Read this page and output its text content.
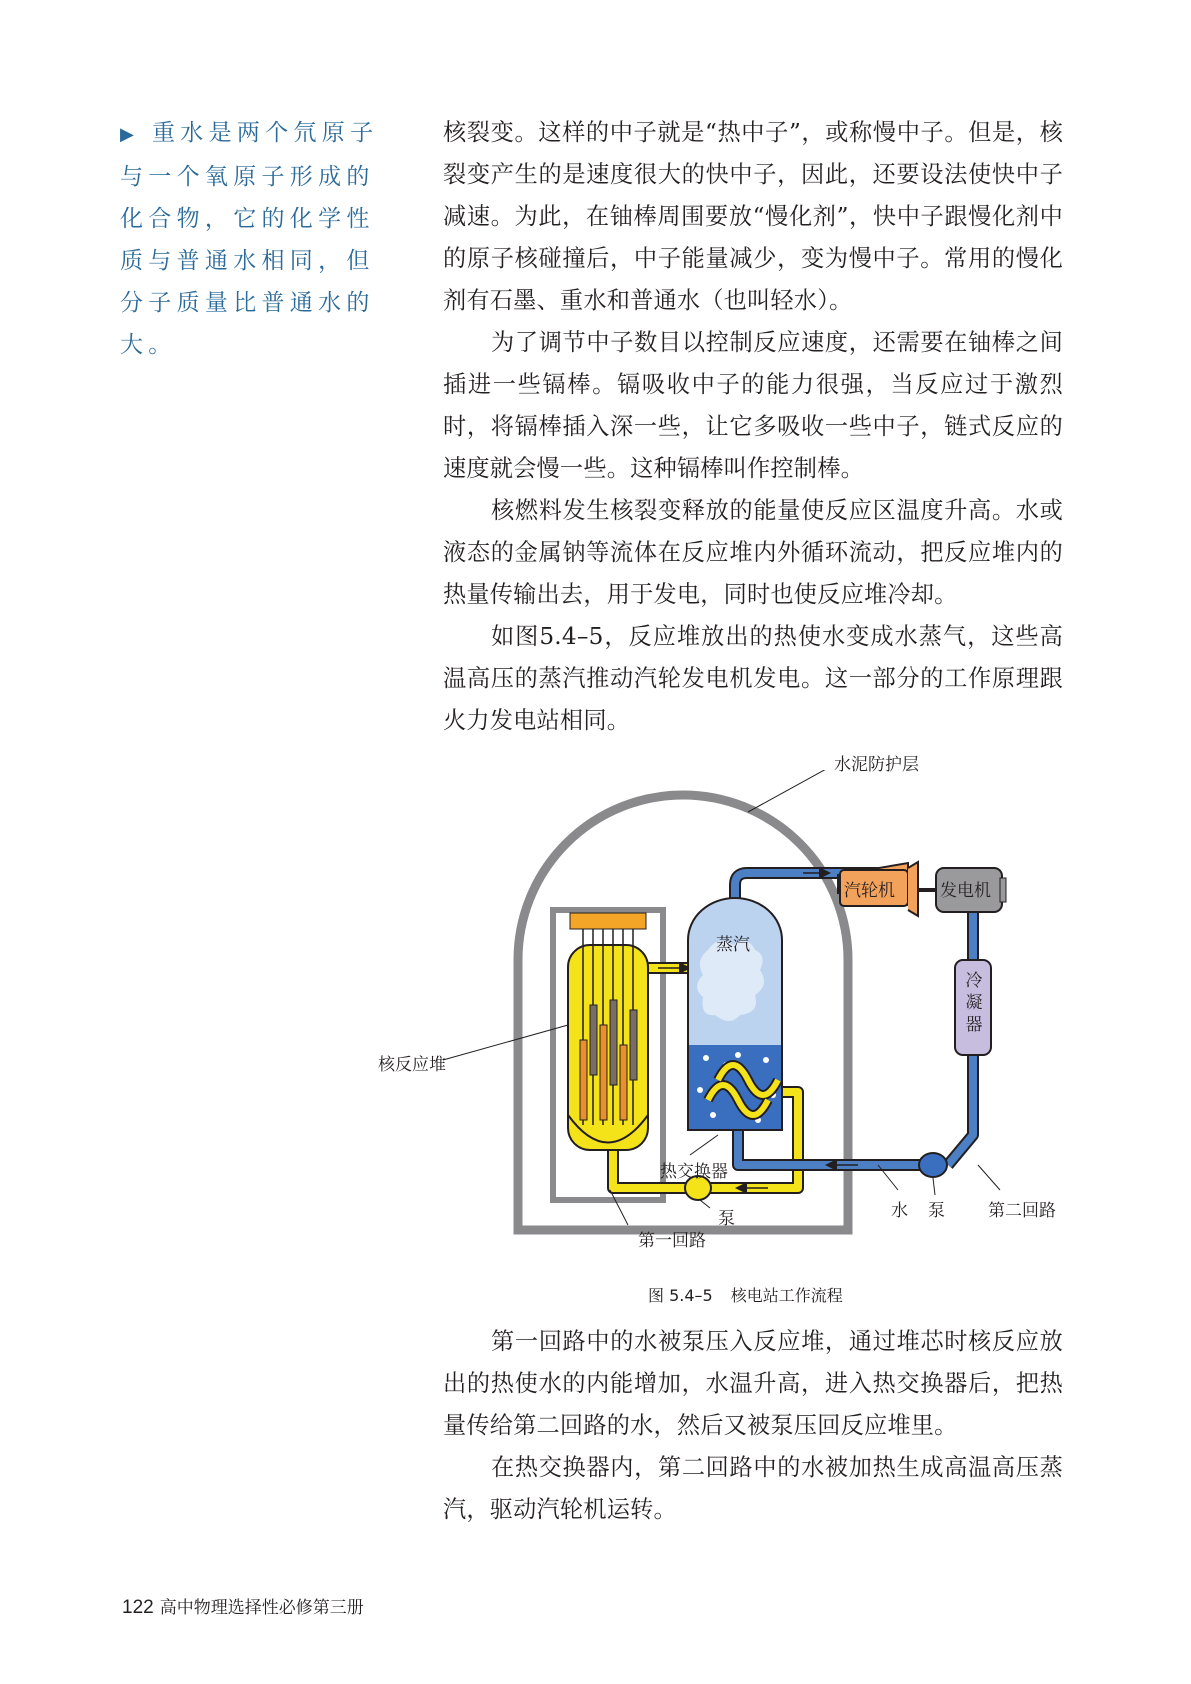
▶ 重水是两个氘原子与一个氧原子形成的化合物，它的化学性质与普通水相同，但分子质量比普通水的大。

核裂变。这样的中子就是“热中子”，或称慢中子。但是，核裂变产生的是速度很大的快中子，因此，还要设法使快中子减速。为此，在铀棒周围要放“慢化剂”，快中子跟慢化剂中的原子核碰撞后，中子能量减少，变为慢中子。常用的慢化剂有石墨、重水和普通水（也叫轻水）。

为了调节中子数目以控制反应速度，还需要在铀棒之间插进一些镉棒。镉吸收中子的能力很强，当反应过于激烈时，将镉棒插入深一些，让它多吸收一些中子，链式反应的速度就会慢一些。这种镉棒叫作控制棒。

核燃料发生核裂变释放的能量使反应区温度升高。水或液态的金属钠等流体在反应堆内外循环流动，把反应堆内的热量传输出去，用于发电，同时也使反应堆冷却。

如图5.4–5，反应堆放出的热使水变成水蒸气，这些高温高压的蒸汽推动汽轮发电机发电。这一部分的工作原理跟火力发电站相同。

水泥防护层
蒸汽
汽轮机	发电机
冷凝器
核反应堆
热交换器
水 泵	第二回路
泵
第一回路
图 5.4–5 核电站工作流程

第一回路中的水被泵压入反应堆，通过堆芯时核反应放出的热使水的内能增加，水温升高，进入热交换器后，把热量传给第二回路的水，然后又被泵压回反应堆里。

在热交换器内，第二回路中的水被加热生成高温高压蒸汽，驱动汽轮机运转。

122 高中物理选择性必修第三册
